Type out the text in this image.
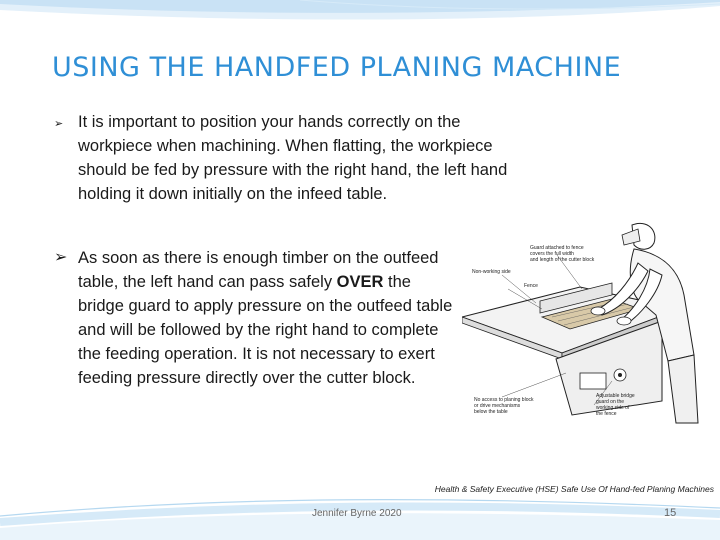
USING THE HANDFED PLANING MACHINE
➢ It is important to position your hands correctly on the workpiece when machining. When flatting, the workpiece should be fed by pressure with the right hand, the left hand holding it down initially on the infeed table.
➢ As soon as there is enough timber on the outfeed table, the left hand can pass safely OVER the bridge guard to apply pressure on the outfeed table and will be followed by the right hand to complete the feeding operation. It is not necessary to exert feeding pressure directly over the cutter block.
Guard attached to fence covers the full width and length of the cutter block
Non-working side
Fence
No access to planing block or drive mechanisms below the table
Adjustable bridge guard on the working side of the fence
Health & Safety Executive (HSE) Safe Use Of Hand-fed Planing Machines
Jennifer Byrne 2020	15
